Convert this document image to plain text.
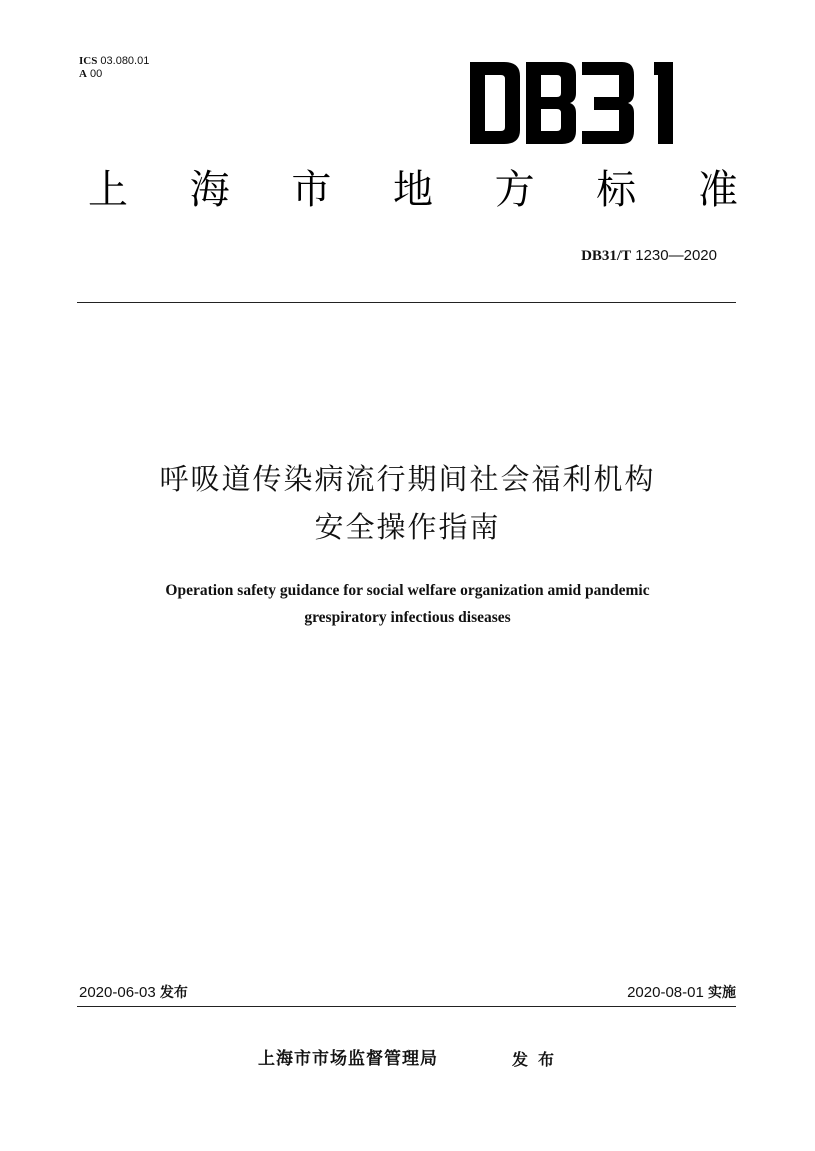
ICS 03.080.01
A 00
上 海 市 地 方 标 准
DB31/T 1230—2020
呼吸道传染病流行期间社会福利机构
安全操作指南
Operation safety guidance for social welfare organization amid pandemic
grespiratory infectious diseases
2020-06-03 发布	2020-08-01 实施
上海市市场监督管理局	发布
